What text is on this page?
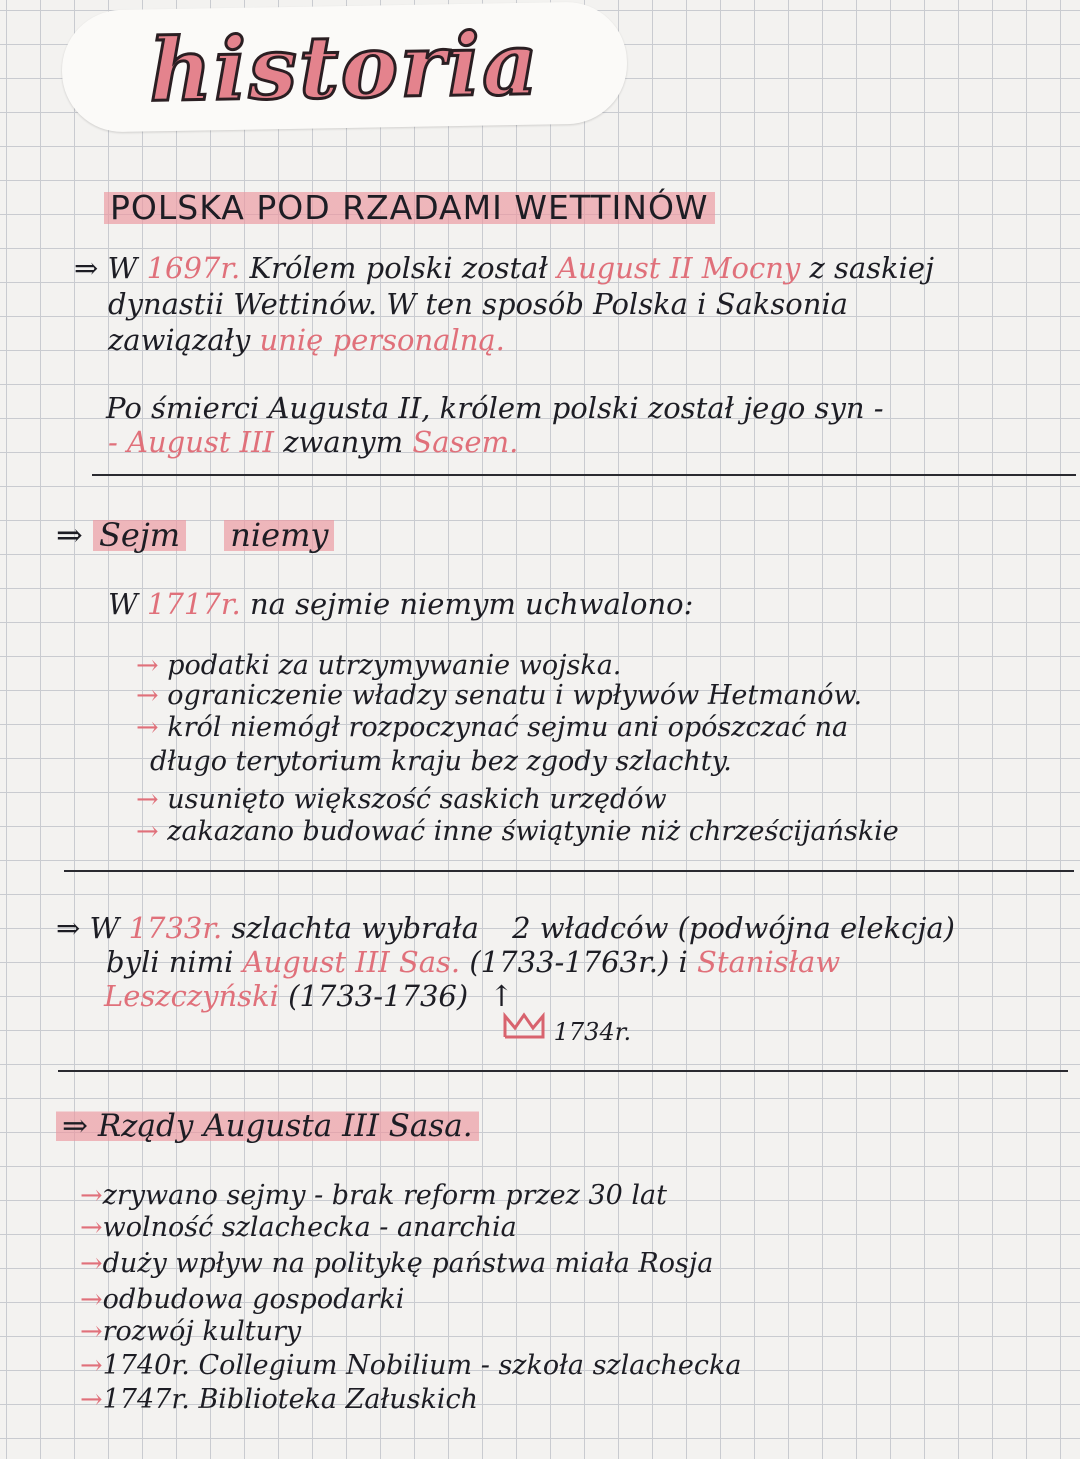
historia
POLSKA POD RZADAMI WETTINÓW
⇒ W 1697r. Królem polski został August II Mocny z saskiej
dynastii Wettinów. W ten sposób Polska i Saksonia
zawiązały unię personalną.
Po śmierci Augusta II, królem polski został jego syn -
- August III zwanym Sasem.
⇒ Sejm niemy
W 1717r. na sejmie niemym uchwalono:
→ podatki za utrzymywanie wojska.
→ ograniczenie władzy senatu i wpływów Hetmanów.
→ król niemógł rozpoczynać sejmu ani opószczać na
długo terytorium kraju bez zgody szlachty.
→ usunięto większość saskich urzędów
→ zakazano budować inne świątynie niż chrześcijańskie
⇒ W 1733r. szlachta wybrała 2 władców (podwójna elekcja)
byli nimi August III Sas. (1733-1763r.) i Stanisław
Leszczyński (1733-1736) ↑
1734r.
⇒ Rządy Augusta III Sasa.
→zrywano sejmy - brak reform przez 30 lat
→wolność szlachecka - anarchia
→duży wpływ na politykę państwa miała Rosja
→odbudowa gospodarki
→rozwój kultury
→1740r. Collegium Nobilium - szkoła szlachecka
→1747r. Biblioteka Załuskich
